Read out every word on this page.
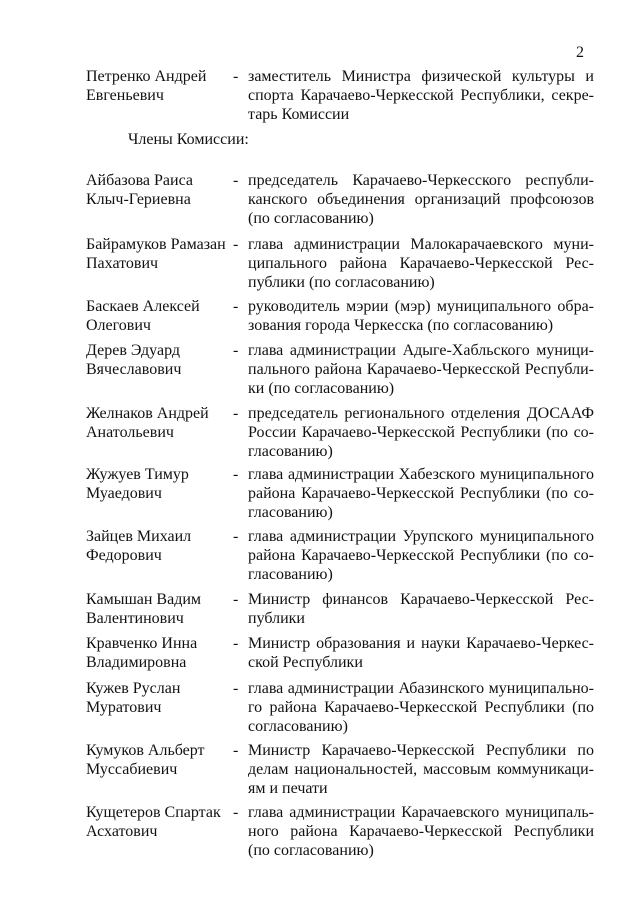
2
Петренко Андрей
Евгеньевич
- заместитель Министра физической культуры и
спорта Карачаево-Черкесской Республики, секре-
тарь Комиссии
Члены Комиссии:
Айбазова Раиса
Клыч-Гериевна
- председатель Карачаево-Черкесского республи-
канского объединения организаций профсоюзов
(по согласованию)
Байрамуков Рамазан
Пахатович
- глава администрации Малокарачаевского муни-
ципального района Карачаево-Черкесской Рес-
публики (по согласованию)
Баскаев Алексей
Олегович
- руководитель мэрии (мэр) муниципального обра-
зования города Черкесска (по согласованию)
Дерев Эдуард
Вячеславович
- глава администрации Адыге-Хабльского муници-
пального района Карачаево-Черкесской Республи-
ки (по согласованию)
Желнаков Андрей
Анатольевич
- председатель регионального отделения ДОСААФ
России Карачаево-Черкесской Республики (по со-
гласованию)
Жужуев Тимур
Муаедович
- глава администрации Хабезского муниципального
района Карачаево-Черкесской Республики (по со-
гласованию)
Зайцев Михаил
Федорович
- глава администрации Урупского муниципального
района Карачаево-Черкесской Республики (по со-
гласованию)
Камышан Вадим
Валентинович
- Министр финансов Карачаево-Черкесской Рес-
публики
Кравченко Инна
Владимировна
- Министр образования и науки Карачаево-Черкес-
ской Республики
Кужев Руслан
Муратович
- глава администрации Абазинского муниципально-
го района Карачаево-Черкесской Республики (по
согласованию)
Кумуков Альберт
Муссабиевич
- Министр Карачаево-Черкесской Республики по
делам национальностей, массовым коммуникаци-
ям и печати
Кущетеров Спартак
Асхатович
- глава администрации Карачаевского муниципаль-
ного района Карачаево-Черкесской Республики
(по согласованию)
